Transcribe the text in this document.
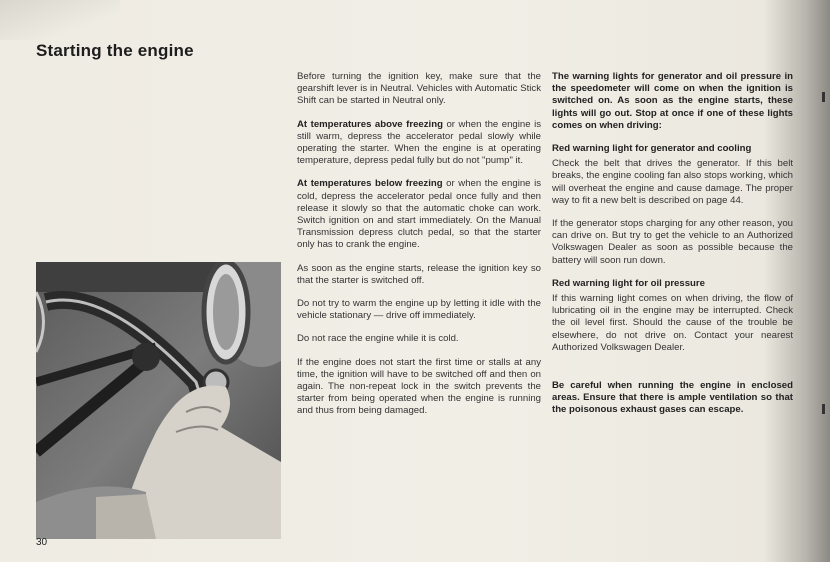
Starting the engine

Before turning the ignition key, make sure that the gearshift lever is in Neutral. Vehicles with Automatic Stick Shift can be started in Neutral only.

At temperatures above freezing or when the engine is still warm, depress the accelerator pedal slowly while operating the starter. When the engine is at operating temperature, depress pedal fully but do not "pump" it.

At temperatures below freezing or when the engine is cold, depress the accelerator pedal once fully and then release it slowly so that the automatic choke can work. Switch ignition on and start immediately. On the Manual Transmission depress clutch pedal, so that the starter only has to crank the engine.

As soon as the engine starts, release the ignition key so that the starter is switched off.

Do not try to warm the engine up by letting it idle with the vehicle stationary — drive off immediately.

Do not race the engine while it is cold.

If the engine does not start the first time or stalls at any time, the ignition will have to be switched off and then on again. The non-repeat lock in the switch prevents the starter from being operated when the engine is running and thus from being damaged.

The warning lights for generator and oil pressure in the speedometer will come on when the ignition is switched on. As soon as the engine starts, these lights will go out. Stop at once if one of these lights comes on when driving:

Red warning light for generator and cooling

Check the belt that drives the generator. If this belt breaks, the engine cooling fan also stops working, which will overheat the engine and cause damage. The proper way to fit a new belt is described on page 44.

If the generator stops charging for any other reason, you can drive on. But try to get the vehicle to an Authorized Volkswagen Dealer as soon as possible because the battery will soon run down.

Red warning light for oil pressure

If this warning light comes on when driving, the flow of lubricating oil in the engine may be interrupted. Check the oil level first. Should the cause of the trouble be elsewhere, do not drive on. Contact your nearest Authorized Volkswagen Dealer.

Be careful when running the engine in enclosed areas. Ensure that there is ample ventilation so that the poisonous exhaust gases can escape.

30
